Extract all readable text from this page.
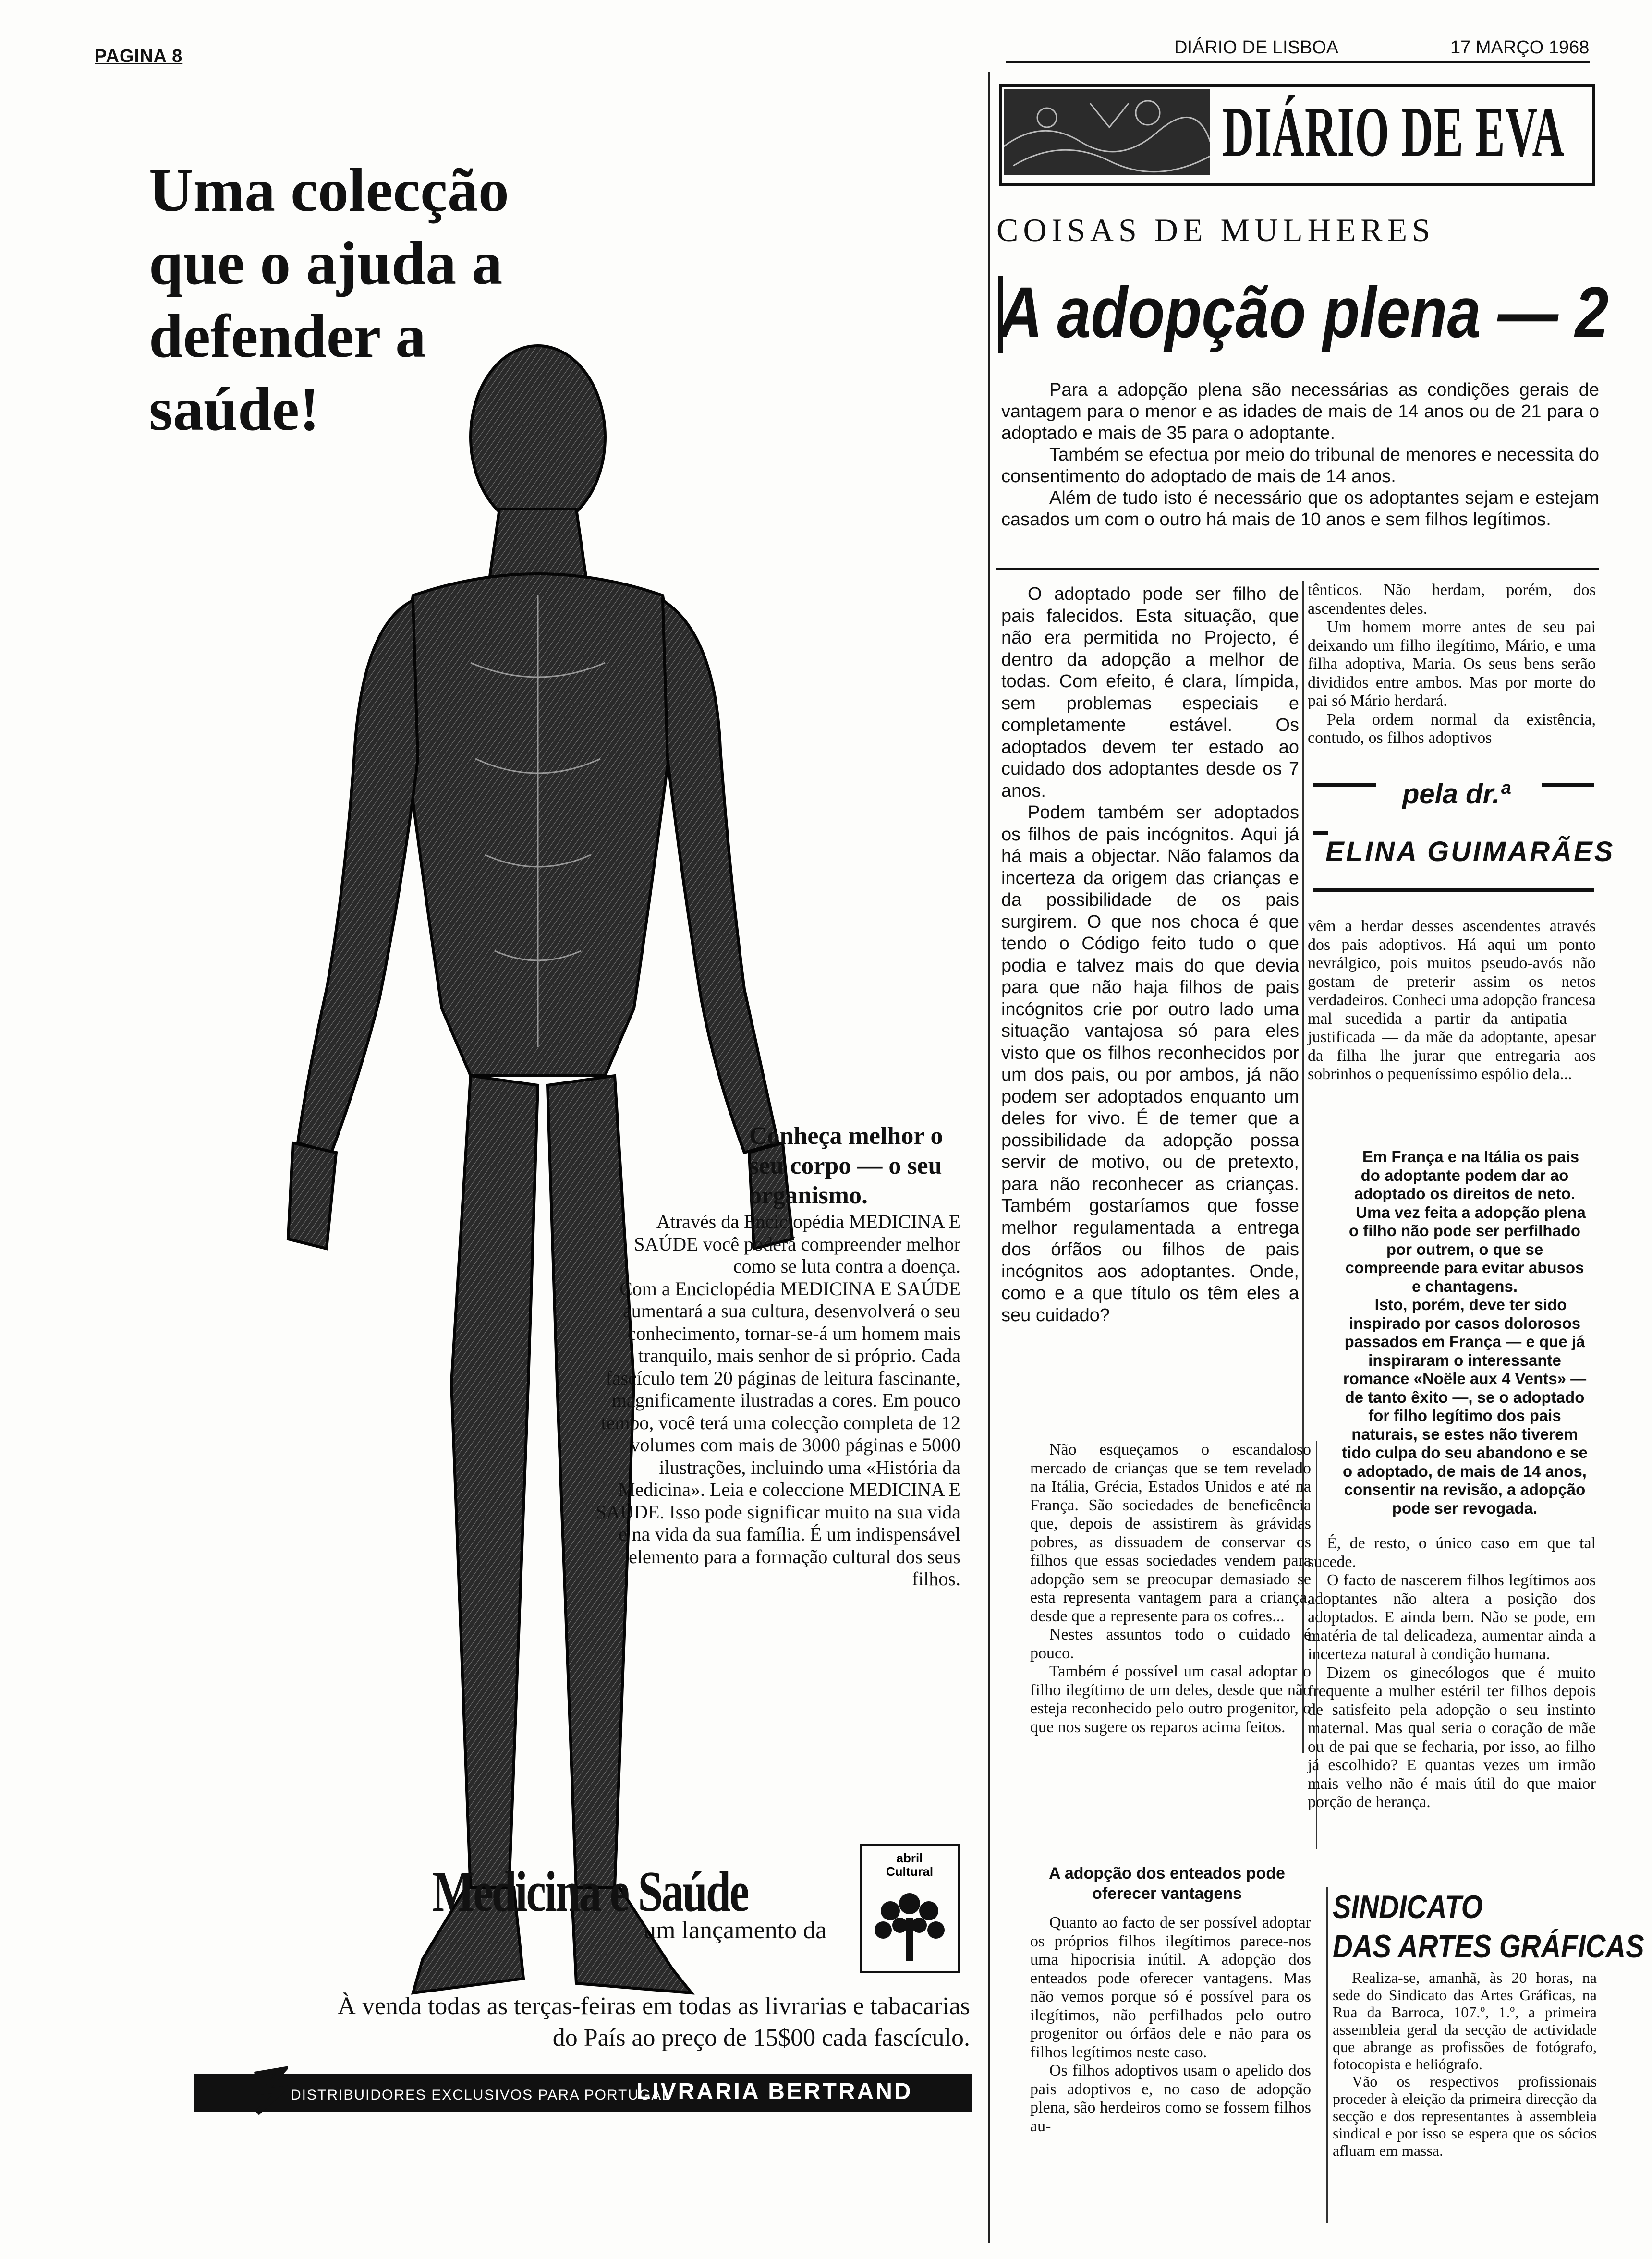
PAGINA 8	DIÁRIO DE LISBOA	17 MARÇO 1968
Uma colecção
que o ajuda a
defender a
saúde!
Conheça melhor o
seu corpo — o seu
organismo.

Através da Enciclopédia MEDICINA E SAÚDE você poderá compreender melhor como se luta contra a doença.

Com a Enciclopédia MEDICINA E SAÚDE aumentará a sua cultura, desenvolverá o seu conhecimento, tornar-se-á um homem mais tranquilo, mais senhor de si próprio. Cada fascículo tem 20 páginas de leitura fascinante, magnificamente ilustradas a cores. Em pouco tempo, você terá uma colecção completa de 12 volumes com mais de 3000 páginas e 5000 ilustrações, incluindo uma «História da Medicina». Leia e coleccione MEDICINA E SAÚDE. Isso pode significar muito na sua vida e na vida da sua família. É um indispensável elemento para a formação cultural dos seus filhos.

Medicina e Saúde
um lançamento da
abril
Cultural
À venda todas as terças-feiras em todas as livrarias e tabacarias
do País ao preço de 15$00 cada fascículo.
DISTRIBUIDORES EXCLUSIVOS PARA PORTUGAL
LIVRARIA BERTRAND
DIÁRIO DE EVA
COISAS DE MULHERES
A adopção plena — 2

Para a adopção plena são necessárias as condições gerais de vantagem para o menor e as idades de mais de 14 anos ou de 21 para o adoptado e mais de 35 para o adoptante.

Também se efectua por meio do tribunal de menores e necessita do consentimento do adoptado de mais de 14 anos.

Além de tudo isto é necessário que os adoptantes sejam e estejam casados um com o outro há mais de 10 anos e sem filhos legítimos.

O adoptado pode ser filho de pais falecidos. Esta situação, que não era permitida no Projecto, é dentro da adopção a melhor de todas. Com efeito, é clara, límpida, sem problemas especiais e completamente estável. Os adoptados devem ter estado ao cuidado dos adoptantes desde os 7 anos.

Podem também ser adoptados os filhos de pais incógnitos. Aqui já há mais a objectar. Não falamos da incerteza da origem das crianças e da possibilidade de os pais surgirem. O que nos choca é que tendo o Código feito tudo o que podia e talvez mais do que devia para que não haja filhos de pais incógnitos crie por outro lado uma situação vantajosa só para eles visto que os filhos reconhecidos por um dos pais, ou por ambos, já não podem ser adoptados enquanto um deles for vivo. É de temer que a possibilidade da adopção possa servir de motivo, ou de pretexto, para não reconhecer as crianças. Também gostaríamos que fosse melhor regulamentada a entrega dos órfãos ou filhos de pais incógnitos aos adoptantes. Onde, como e a que título os têm eles a seu cuidado?

tênticos. Não herdam, porém, dos ascendentes deles.

Um homem morre antes de seu pai deixando um filho ilegítimo, Mário, e uma filha adoptiva, Maria. Os seus bens serão divididos entre ambos. Mas por morte do pai só Mário herdará.

Pela ordem normal da existência, contudo, os filhos adoptivos

pela dr.ª
ELINA GUIMARÃES

vêm a herdar desses ascendentes através dos pais adoptivos. Há aqui um ponto nevrálgico, pois muitos pseudo-avós não gostam de preterir assim os netos verdadeiros. Conheci uma adopção francesa mal sucedida a partir da antipatia — justificada — da mãe da adoptante, apesar da filha lhe jurar que entregaria aos sobrinhos o pequeníssimo espólio dela...

Em França e na Itália os pais do adoptante podem dar ao adoptado os direitos de neto.

Uma vez feita a adopção plena o filho não pode ser perfilhado por outrem, o que se compreende para evitar abusos e chantagens.

Isto, porém, deve ter sido inspirado por casos dolorosos passados em França — e que já inspiraram o interessante romance «Noële aux 4 Vents» — de tanto êxito —, se o adoptado for filho legítimo dos pais naturais, se estes não tiverem tido culpa do seu abandono e se o adoptado, de mais de 14 anos, consentir na revisão, a adopção pode ser revogada.

É, de resto, o único caso em que tal sucede.

O facto de nascerem filhos legítimos aos adoptantes não altera a posição dos adoptados. E ainda bem. Não se pode, em matéria de tal delicadeza, aumentar ainda a incerteza natural à condição humana.

Dizem os ginecólogos que é muito frequente a mulher estéril ter filhos depois de satisfeito pela adopção o seu instinto maternal. Mas qual seria o coração de mãe ou de pai que se fecharia, por isso, ao filho já escolhido? E quantas vezes um irmão mais velho não é mais útil do que maior porção de herança.

Não esqueçamos o escandaloso mercado de crianças que se tem revelado na Itália, Grécia, Estados Unidos e até na França. São sociedades de beneficência que, depois de assistirem às grávidas pobres, as dissuadem de conservar os filhos que essas sociedades vendem para adopção sem se preocupar demasiado se esta representa vantagem para a criança, desde que a represente para os cofres...

Nestes assuntos todo o cuidado é pouco.

Também é possível um casal adoptar o filho ilegítimo de um deles, desde que não esteja reconhecido pelo outro progenitor, o que nos sugere os reparos acima feitos.

A adopção dos enteados pode oferecer vantagens

Quanto ao facto de ser possível adoptar os próprios filhos ilegítimos parece-nos uma hipocrisia inútil. A adopção dos enteados pode oferecer vantagens. Mas não vemos porque só é possível para os ilegítimos, não perfilhados pelo outro progenitor ou órfãos dele e não para os filhos legítimos neste caso.

Os filhos adoptivos usam o apelido dos pais adoptivos e, no caso de adopção plena, são herdeiros como se fossem filhos au-

SINDICATO
DAS ARTES GRÁFICAS

Realiza-se, amanhã, às 20 horas, na sede do Sindicato das Artes Gráficas, na Rua da Barroca, 107.º, 1.º, a primeira assembleia geral da secção de actividade que abrange as profissões de fotógrafo, fotocopista e heliógrafo.

Vão os respectivos profissionais proceder à eleição da primeira direcção da secção e dos representantes à assembleia sindical e por isso se espera que os sócios afluam em massa.
